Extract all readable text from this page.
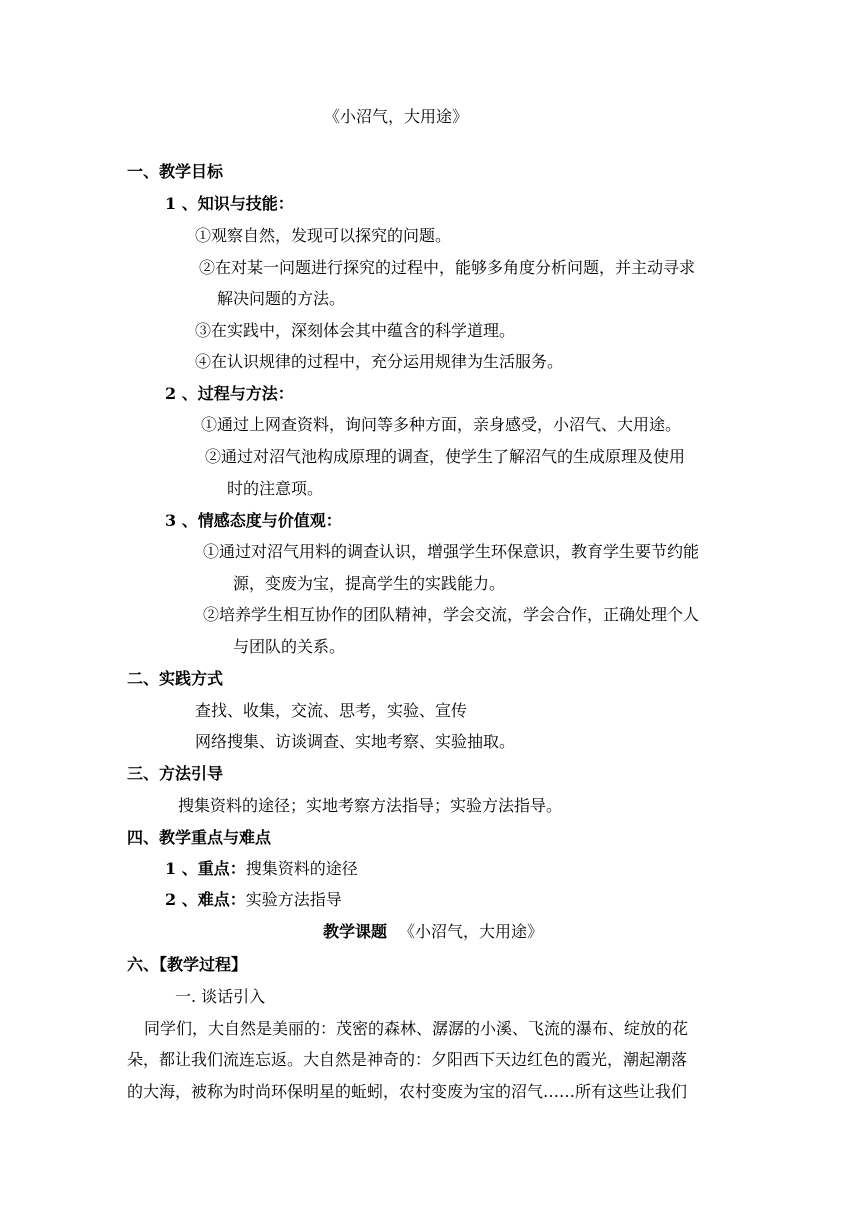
《小沼气，大用途》
一、教学目标
1 、知识与技能：
①观察自然，发现可以探究的问题。
②在对某一问题进行探究的过程中，能够多角度分析问题，并主动寻求
解决问题的方法。
③在实践中，深刻体会其中蕴含的科学道理。
④在认识规律的过程中，充分运用规律为生活服务。
2 、过程与方法：
①通过上网查资料，询问等多种方面，亲身感受，小沼气、大用途。
②通过对沼气池构成原理的调查，使学生了解沼气的生成原理及使用
时的注意项。
3 、情感态度与价值观：
①通过对沼气用料的调查认识，增强学生环保意识，教育学生要节约能
源，变废为宝，提高学生的实践能力。
②培养学生相互协作的团队精神，学会交流，学会合作，正确处理个人
与团队的关系。
二、实践方式
查找、收集，交流、思考，实验、宣传
网络搜集、访谈调查、实地考察、实验抽取。
三、方法引导
搜集资料的途径；实地考察方法指导；实验方法指导。
四、教学重点与难点
1 、重点：搜集资料的途径
2 、难点：实验方法指导
教学课题 《小沼气，大用途》
六、【教学过程】
一. 谈话引入
同学们，大自然是美丽的：茂密的森林、潺潺的小溪、飞流的瀑布、绽放的花
朵，都让我们流连忘返。大自然是神奇的：夕阳西下天边红色的霞光，潮起潮落
的大海，被称为时尚环保明星的蚯蚓，农村变废为宝的沼气……所有这些让我们
